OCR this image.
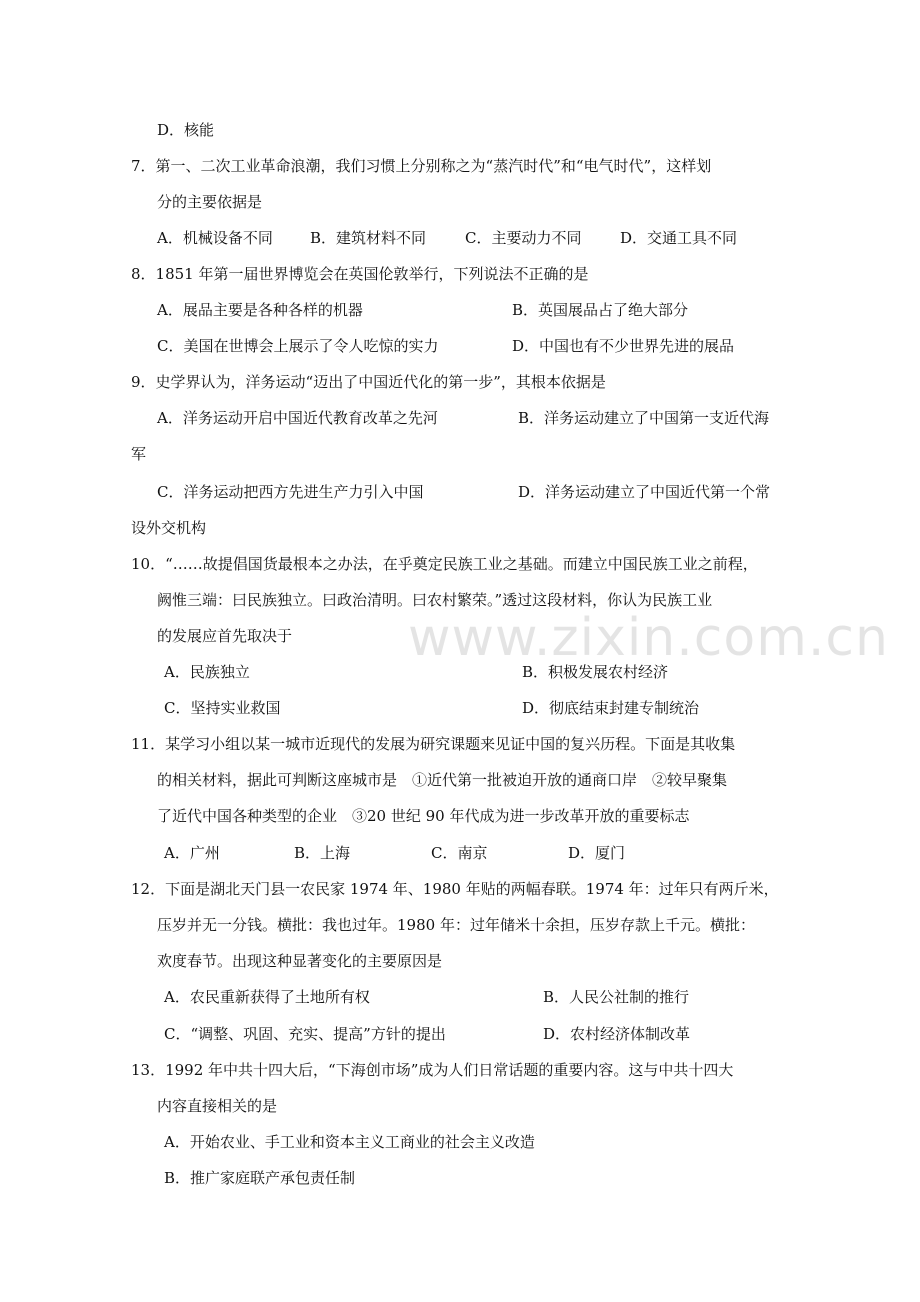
www.zixin.com.cn
D．核能
7．第一、二次工业革命浪潮，我们习惯上分别称之为“蒸汽时代”和“电气时代”，这样划
分的主要依据是
A．机械设备不同 B．建筑材料不同	C．主要动力不同	D．交通工具不同
8．1851 年第一届世界博览会在英国伦敦举行，下列说法不正确的是
A．展品主要是各种各样的机器	B．英国展品占了绝大部分
C．美国在世博会上展示了令人吃惊的实力	D．中国也有不少世界先进的展品
9．史学界认为，洋务运动“迈出了中国近代化的第一步”，其根本依据是
A．洋务运动开启中国近代教育改革之先河	B．洋务运动建立了中国第一支近代海
军
C．洋务运动把西方先进生产力引入中国	D．洋务运动建立了中国近代第一个常
设外交机构
10．“……故提倡国货最根本之办法，在乎奠定民族工业之基础。而建立中国民族工业之前程，
阙惟三端：曰民族独立。曰政治清明。曰农村繁荣。”透过这段材料，你认为民族工业
的发展应首先取决于
A．民族独立	B．积极发展农村经济
C．坚持实业救国	D．彻底结束封建专制统治
11．某学习小组以某一城市近现代的发展为研究课题来见证中国的复兴历程。下面是其收集
的相关材料，据此可判断这座城市是　①近代第一批被迫开放的通商口岸　②较早聚集
了近代中国各种类型的企业　③20 世纪 90 年代成为进一步改革开放的重要标志
A．广州	B．上海	C．南京	D．厦门
12．下面是湖北天门县一农民家 1974 年、1980 年贴的两幅春联。1974 年：过年只有两斤米，
压岁并无一分钱。横批：我也过年。1980 年：过年储米十余担，压岁存款上千元。横批：
欢度春节。出现这种显著变化的主要原因是
A．农民重新获得了土地所有权	B．人民公社制的推行
C．“调整、巩固、充实、提高”方针的提出	D．农村经济体制改革
13．1992 年中共十四大后，“下海创市场”成为人们日常话题的重要内容。这与中共十四大
内容直接相关的是
A．开始农业、手工业和资本主义工商业的社会主义改造
B．推广家庭联产承包责任制
